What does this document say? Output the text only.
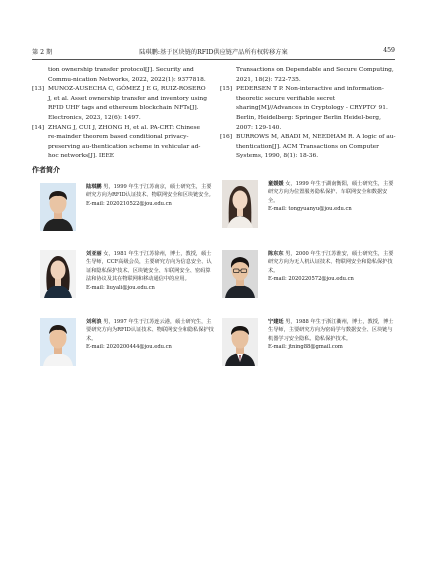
第 2 期	陆琪鹏:基于区块链的RFID供应链产品所有权转移方案	459

tion ownership transfer protocol[J]. Security and Commu-nication Networks, 2022, 2022(1): 9377818.

[13] MUNOZ-AUSECHA C, GÓMEZ J E G, RUIZ-ROSERO J, et al. Asset ownership transfer and inventory using RFID UHF tags and ethereum blockchain NFTs[J]. Electronics, 2023, 12(6): 1497.

[14] ZHANG J, CUI J, ZHONG H, et al. PA-CRT: Chinese re-mainder theorem based conditional privacy-preserving au-thentication scheme in vehicular ad-hoc networks[J]. IEEE

Transactions on Dependable and Secure Computing, 2021, 18(2): 722-735.

[15] PEDERSEN T P. Non-interactive and information-theoretic secure verifiable secret sharing[M]//Advances in Cryptology - CRYPTO' 91. Berlin, Heidelberg: Springer Berlin Heidel-berg, 2007: 129-140.

[16] BURROWS M, ABADI M, NEEDHAM R. A logic of au-thentication[J]. ACM Transactions on Computer Systems, 1990, 8(1): 18-36.

作者简介
陆琪鹏 男，1999 年生于江苏南京，硕士研究生，主要研究方向为RFID认证技术、物联网安全和区块链安全。
E-mail: 2020210522@jou.edu.cn
童媛媛 女，1999 年生于湖南衡阳，硕士研究生，主要研究方向为位置服务隐私保护、车联网安全和数据安全。
E-mail: tongyuanyu@jou.edu.cn
刘亚丽 女，1981 年生于江苏徐州，博士，教授，硕士生导师，CCF高级会员，主要研究方向为信息安全、认证和隐私保护技术、区块链安全、车联网安全、密码算法和协议及其在物联网和移动通信中的应用。
E-mail: liuyali@jou.edu.cn
陈东东 男，2000 年生于江苏淮安，硕士研究生，主要研究方向为无人机认证技术、物联网安全和隐私保护技术。
E-mail: 2020220572@jou.edu.cn
刘利浪 男，1997 年生于江苏连云港，硕士研究生，主要研究方向为RFID认证技术、物联网安全和隐私保护技术。
E-mail: 2020200444@jou.edu.cn
宁建廷 男，1988 年生于浙江衢州，博士，教授，博士生导师，主要研究方向为密码学与数据安全、区块链与机器学习安全隐私、隐私保护技术。
E-mail: jtning88@gmail.com
